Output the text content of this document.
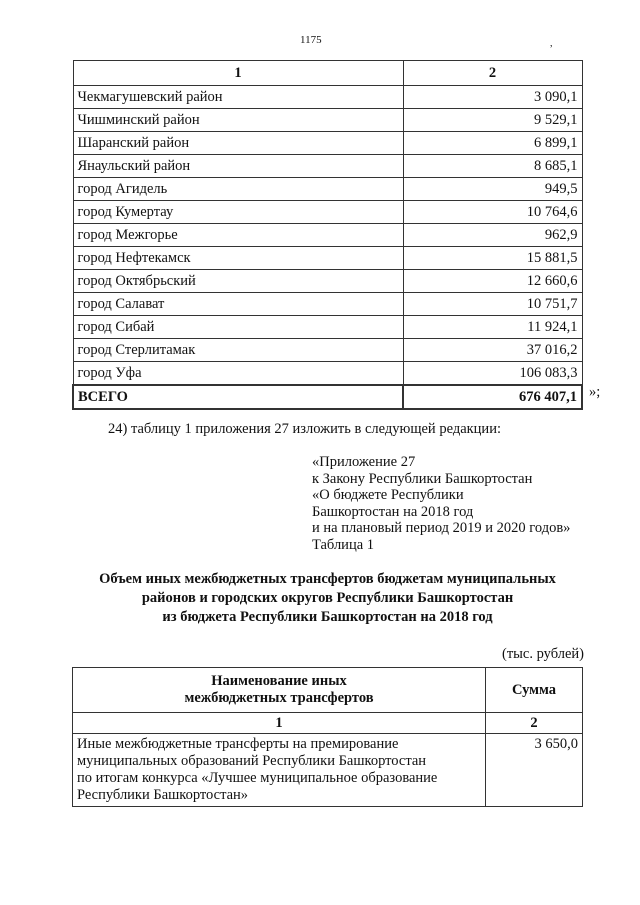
1175	,
1	2
Чекмагушевский район	3 090,1
Чишминский район	9 529,1
Шаранский район	6 899,1
Янаульский район	8 685,1
город Агидель	949,5
город Кумертау	10 764,6
город Межгорье	962,9
город Нефтекамск	15 881,5
город Октябрьский	12 660,6
город Салават	10 751,7
город Сибай	11 924,1
город Стерлитамак	37 016,2
город Уфа	106 083,3
ВСЕГО	676 407,1 »;
24) таблицу 1 приложения 27 изложить в следующей редакции:
«Приложение 27
к Закону Республики Башкортостан
«О бюджете Республики
Башкортостан на 2018 год
и на плановый период 2019 и 2020 годов»
Таблица 1
Объем иных межбюджетных трансфертов бюджетам муниципальных
районов и городских округов Республики Башкортостан
из бюджета Республики Башкортостан на 2018 год
(тыс. рублей)
Наименование иных
межбюджетных трансфертов	Сумма
1	2

Иные межбюджетные трансферты на премирование
муниципальных образований Республики Башкортостан
по итогам конкурса «Лучшее муниципальное образование
Республики Башкортостан»	3 650,0
